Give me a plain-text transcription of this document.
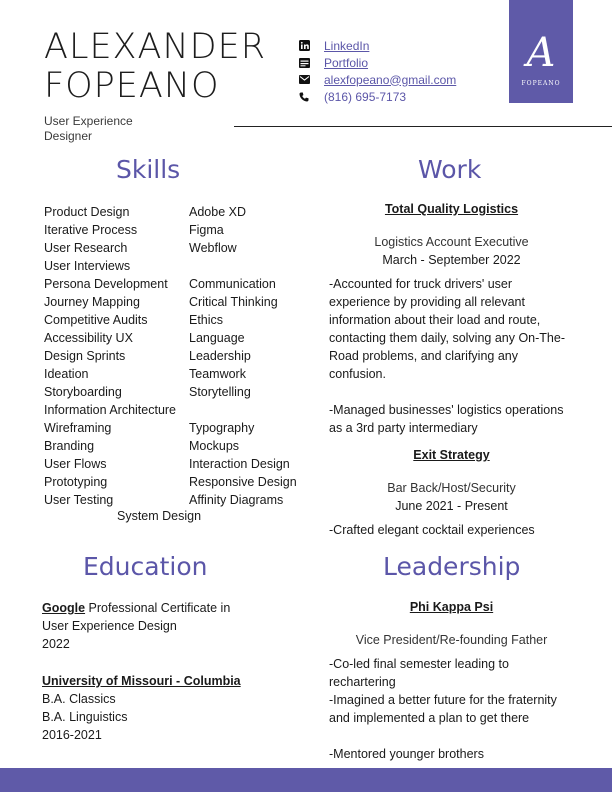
ALEXANDER
FOPEANO
User Experience
Designer
LinkedIn
Portfolio
alexfopeano@gmail.com
(816) 695-7173
A
FOPEANO
Skills
Product Design	Adobe XD
Iterative Process	Figma
User Research	Webflow
User Interviews
Persona Development	Communication
Journey Mapping	Critical Thinking
Competitive Audits	Ethics
Accessibility UX	Language
Design Sprints	Leadership
Ideation	Teamwork
Storyboarding	Storytelling
Information Architecture
Wireframing	Typography
Branding	Mockups
User Flows	Interaction Design
Prototyping	Responsive Design
User Testing	Affinity Diagrams
System Design
Work
Total Quality Logistics
Logistics Account Executive
March - September 2022
-Accounted for truck drivers' user experience by providing all relevant information about their load and route, contacting them daily, solving any On-The-Road problems, and clarifying any confusion.
-Managed businesses' logistics operations as a 3rd party intermediary
Exit Strategy
Bar Back/Host/Security
June 2021 - Present
-Crafted elegant cocktail experiences
Education
Google Professional Certificate in
User Experience Design
2022
University of Missouri - Columbia
B.A. Classics
B.A. Linguistics
2016-2021
Leadership
Phi Kappa Psi
Vice President/Re-founding Father
-Co-led final semester leading to rechartering
-Imagined a better future for the fraternity and implemented a plan to get there
-Mentored younger brothers
